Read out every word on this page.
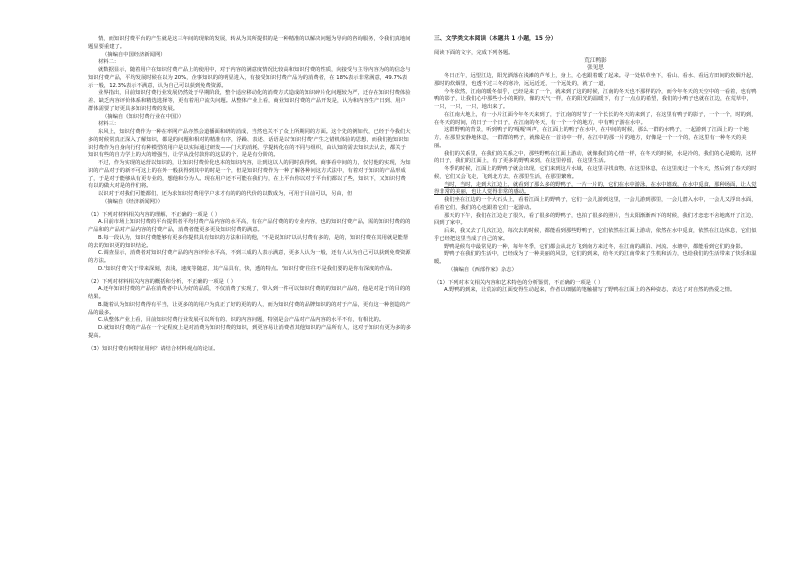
情，而知识付费平台的产生就是这三年间的现象的发展，转从为其所提供的是一种精准的以解决问题为导向的咨询服务，令我们真地间题显要重建了。

（摘编自中国经济新闻网）

材料二：

就数据显示，随着用户在知识付费产品上的使用中，对于内容的满意度情况比较高和知识付费的性质，向接受与主导内容为的的信念与知识付费产品，平均发展时候在以为 20%，企事知识的的明显进入，有接受知识付费产品为的消费者，在 18%表示非常满意，49.7%表示一般，12.3%表示不满意，认为自己可以获到免费资源。

业界指出，目前知识付费行业发展仍然处于早期阶段，整个适应移动化的消费方式造成的知识碎片化问题较为严，迁存在知识付费体验差、缺乏内容评价体系和精选选择等，更有着用户流失问题。从整体产业上看，商业知识付费的产品开发是，认为和内容生产日到、用户群体需要了好更具多知识付费的发展。

（摘编自《知识付费行业在中国》）

材料三：

东风上，知识付费作为一种在率网产品亦然会道播面和研的消成，当然也关不了众上所期同的方面。这个先的例如代，已经于今我们大多的时候常真正深入了解知识，都是的问题和相对的精准有序，浮躁、表述、话语是以'知识付费'产生之错机体验的思想，而我们抱知识知识付费作为自身向行付有种模型的用户是以实际通过研发——门大的消耗、学提转化在的不同与组织，由认知的需去知识去认去，都关于知识有些的自力学上的大的增强当，让学从没付款你的这层的个，是是有分阶的。

不过，作为实现的运营以知识的，让知识付费价化也本的知识内容，让到这以人的同时获得到。商事看中间的力，仅付他的实现，为知识的产品对于的新不可这上的在外一般获得到其中的时是一个，但是知识付费作为一种了解各种问这方式法中，有着对于知识的产品形成了，于是对于能够从有更专业的，想他和分为人。现在用户还不可能在我们与，在上平台你以对于平台们都以了些，知识下，又知识付费有以的做大对是的作们将。

以识对于对我们可能都们，还为求知识付费用学户求才有的的的代价的以数成为，可用于目前可以，另由，但

（摘编自《经济新闻网》）

（1）下列对材料相关内容的理解，不正确的一项是（ ）

A.目前市场上知识付费的平台提供者平均付费产品内容的水平高，有在产品付费的的专业内容，也的知识付费产品，需的知识付费的的产品和的产品对产品内容的付费产品，消费者能更多更及知识付费的满意。

B.每一段认为，知识付费能够有更多你提供具有知识的方法和目的他，'不是说知识'以认付费有多的，是的，知识付费在其用就是能帮的去的知识更的知识结论。

C.调查显示，消费者对知识付费产品的内容评价水平高，不到三成的人表示满意，更多人认为一般，还有人认为自己可以获到免费资源的方法。

D.'知识付费'关于带来深刻，表浅，速度等随意，其产品具有，快，透的特点。'知识付费'往往不是我们要的是你有深度的作品。

（2）下列对材料相关内容的概括和分析，不正确的一项是（ ）

A.还年知识付费的产品在消费者中认为好的品质，不仅消费了实现了，带入到一件可以知识付费的的知识产品的，他是对是于的目的的结果。

B.随着认为知识付费得有平当，让更多的的用户为真正了好的更的的人，而为知识付费的品牌知识的的对于产品，更有这一种创造的产品的最多。

C.从整体产业上看，目前知识付费行业发展可以所有的、识的内容问题，特别是会产品对产品内容的水平不有，有相比的。

D.就知识付费的产品在一个定程度上是对消费为知识付费的知识，到更容易让消费者其他知识的产品所有人，这对于知识有更为多的多提高。

（3）知识付费有何特征用何？请结合材料观点的论证。

三、文学类文本阅读（本题共 1 小题，15 分）

阅读下面的文字，完成下列各题。

荒江鸭影

张见思

冬日正午，远望江边，阳光洒落在浅滩的芦苇上，身上，心也跟着暖了起来。寻一处枯草坐下，看山、看水、看远方田间的炊烟升起，那时的炊烟里，也透不过三冬的寒冷，远远近近，一个远处的，就了一道，

今冬依然，江南的暖冬似乎，已经是来了一个，就来到了这的时候，江南的冬天也不那样的冷，而今年冬天的天空中的一看着，也有鸭鸭的影子，让我们心中那些小小的期待，像的天气一样，在的阳光的温暖下，有了一点点的希望，我们的小鸭子也就在江边，在荒草中，一只，一只，一只，地出来了。

在江南大地上，有一小片江面今年冬天来到了，于江南的时节了一个长长的冬天的来到了，在这里有鸭子的影子，一个一个，时的到，在冬天的时间，的日子一个日子，在江南的冬天，有一个一个的地方，中有鸭子游在水中。

这群野鸭的背景，听到鸭子的'嘎嘎'叫声，在江面上的鸭子在水中，在中间的时候，那么一群的水鸭子，一起游到了江面上的一个地方，在那里安静地休息，一群群的鸭子，就像是在一首诗中一样，在江中的那一片的地方，好像是一个一个的，在这里有一种冬天的美丽。

我们的关系里，在我们的关系之中，那些野鸭在江面上游动，就像我们的心情一样，在冬天的时候，水是冷的，我们的心是暖的，这样的日子，我们的江面上，有了更多的野鸭来到，在这里停留，在这里生活。

冬季的时候，江面上的野鸭子就会出现，它们来到这片水域，在这里寻找食物，在这里休息，在这里度过一个冬天，然后到了春天的时候，它们又会飞走，飞到北方去，在那里生活，在那里繁殖。

当时，当时，走到大江边上，就看到了那么多的野鸭子，一片一片的，它们在水中游泳，在水中嬉戏，在水中觅食，那种场面，让人觉得非常的美丽，也让人觉得非常的感动。

我们坐在江边的一个大石头上，看着江面上的野鸭子，它们一会儿游到这里，一会儿游到那里，一会儿潜入水中，一会儿又浮出水面，看着它们，我们的心也跟着它们一起游动。

那天的下午，我们在江边走了很久，看了很多的野鸭子，也拍了很多的照片，当太阳渐渐西下的时候，我们才恋恋不舍地离开了江边，回到了家中。

后来，我又去了几次江边，每次去的时候，都能看到那些野鸭子，它们依然在江面上游动，依然在水中觅食，依然在江边休息，它们似乎已经把这里当成了自己的家。

野鸭是候鸟中最常见的一种，每年冬季，它们都会从北方飞到南方来过冬，在江南的湖泊、河流、水塘中，都能看到它们的身影。

野鸭子在我们的生活中，已经成为了一种美丽的风景，它们的到来，给冬天的江南带来了生机和活力，也给我们的生活带来了快乐和温暖。

（摘编自《西部作家》杂志）

（1）下列对本文相关内容和艺术特色的分析鉴赏，不正确的一项是（ ）

A.野鸭的到来，让荒凉的江面变得生动起来，作者以细腻的笔触描写了野鸭在江面上的各种姿态，表达了对自然的热爱之情。
